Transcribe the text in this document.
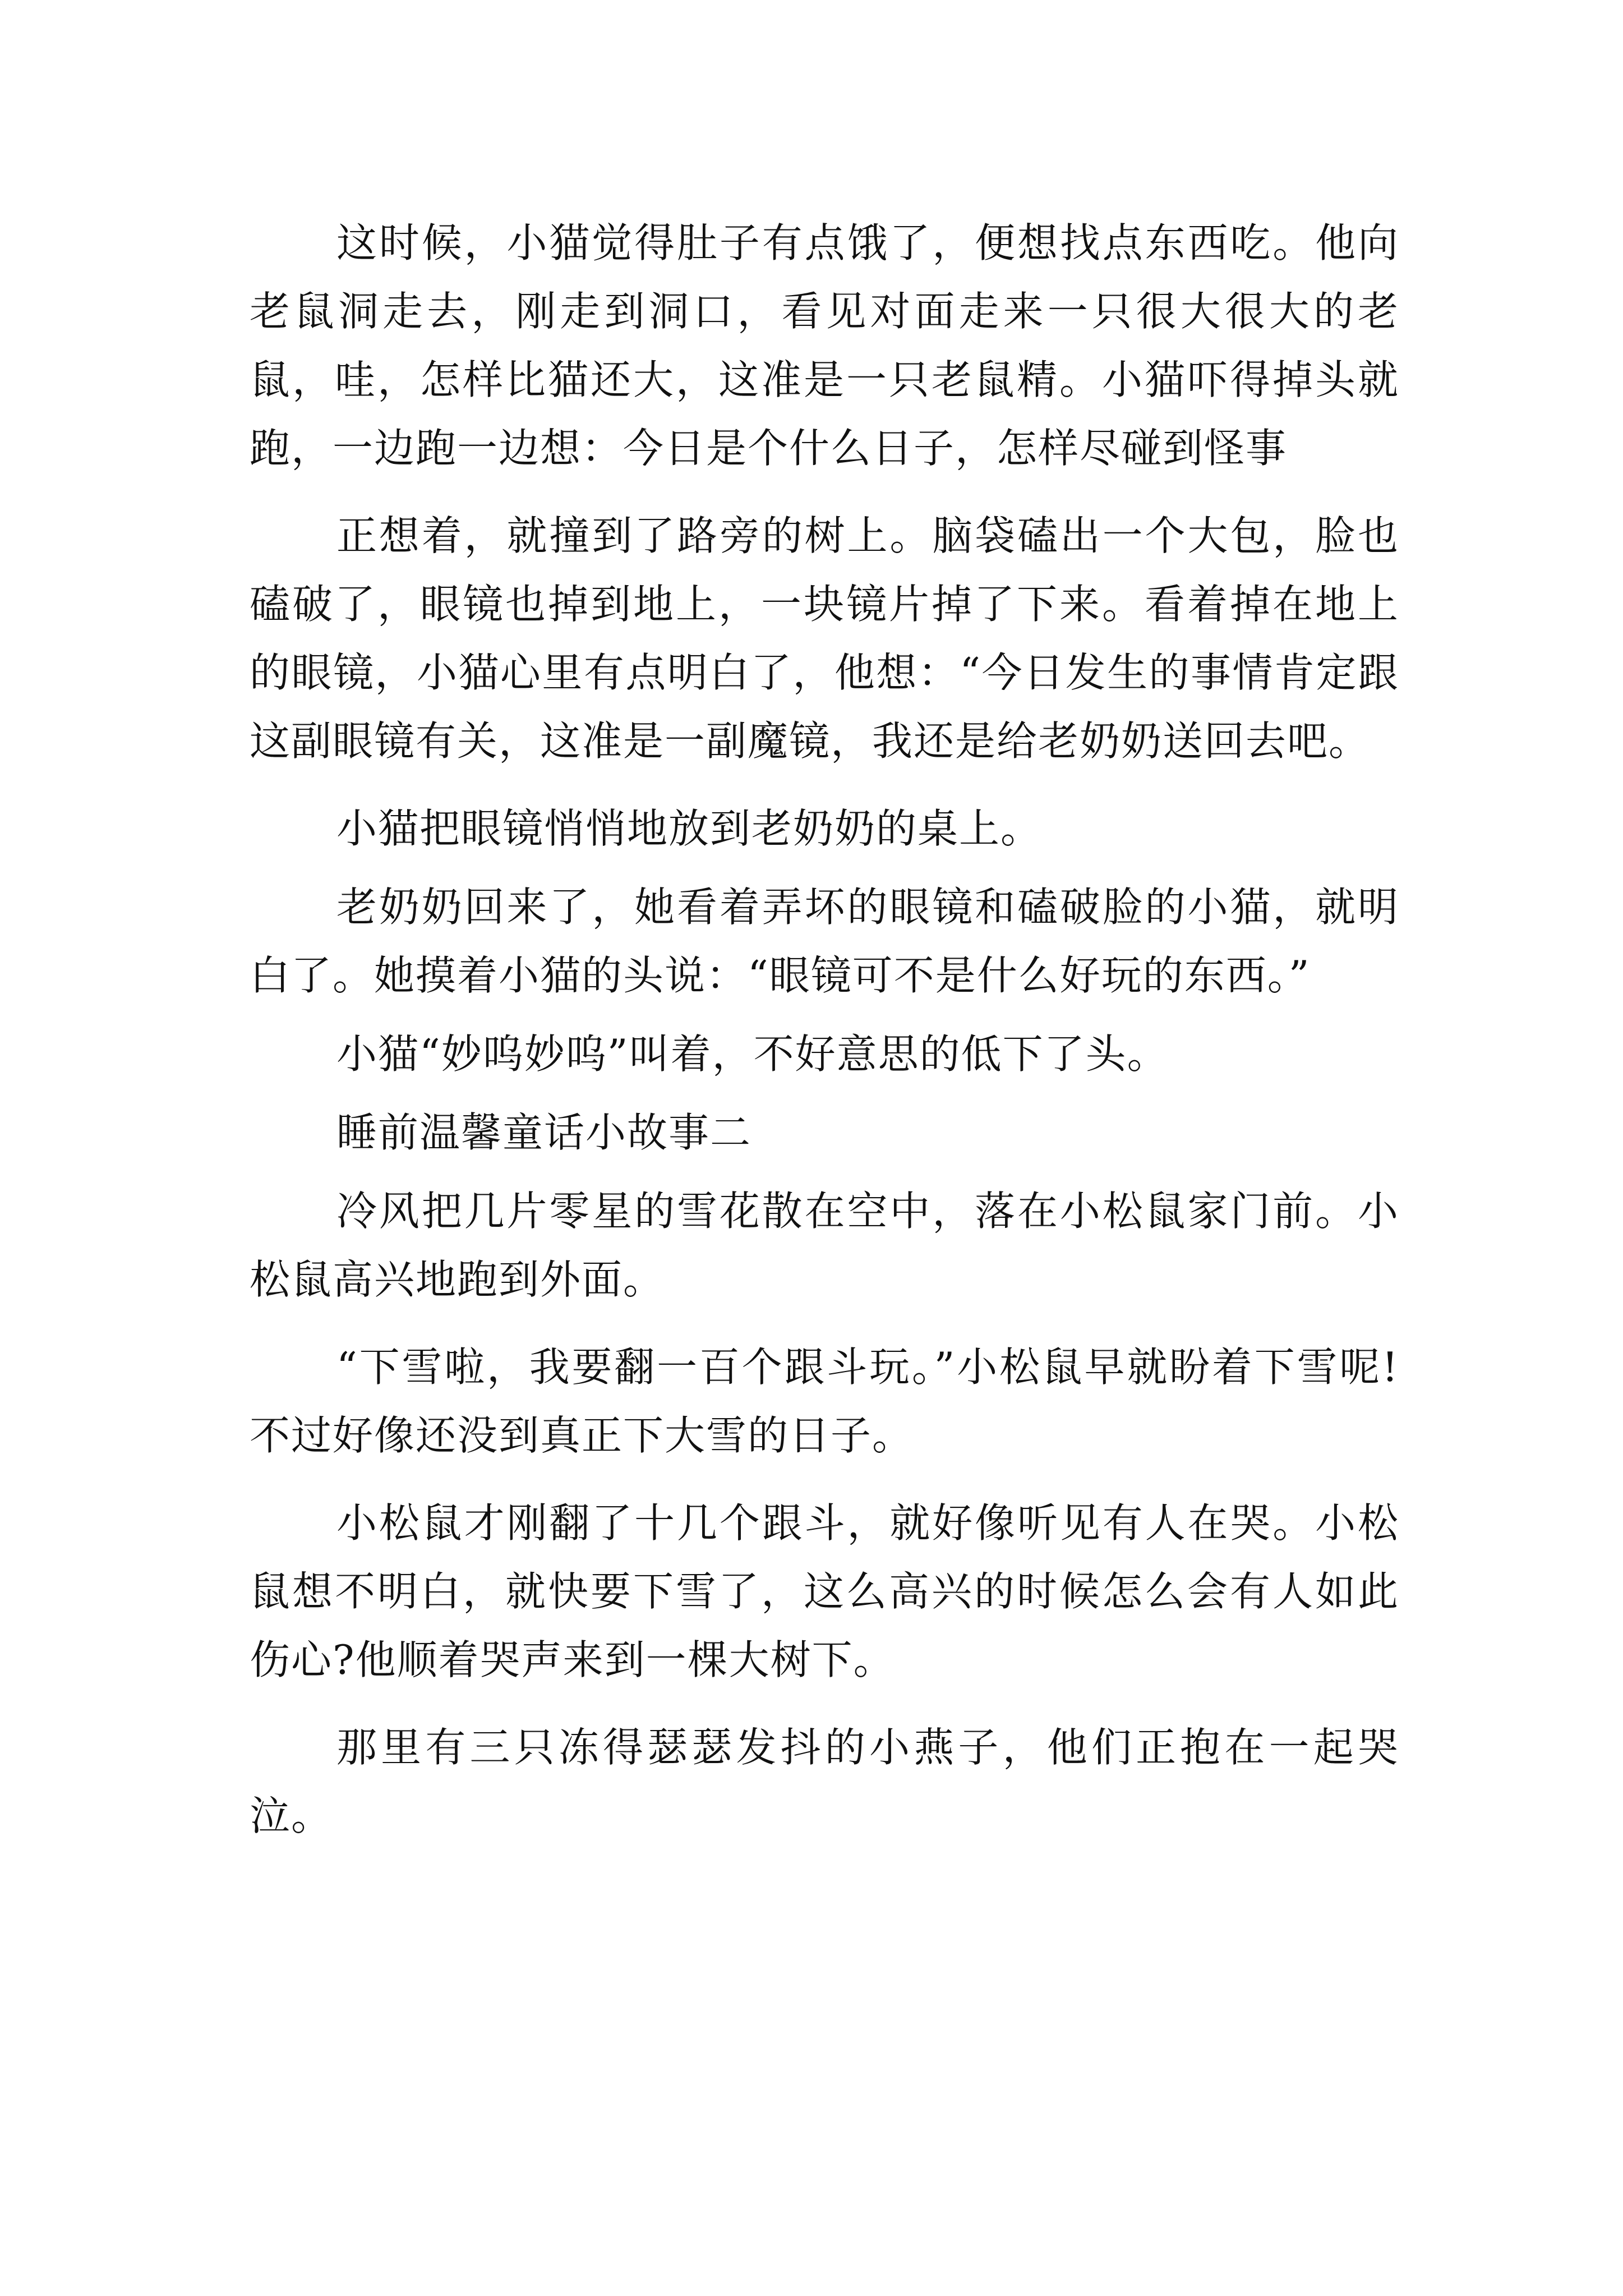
这时候，小猫觉得肚子有点饿了，便想找点东西吃。他向老鼠洞走去，刚走到洞口，看见对面走来一只很大很大的老鼠，哇，怎样比猫还大，这准是一只老鼠精。小猫吓得掉头就跑，一边跑一边想：今日是个什么日子，怎样尽碰到怪事

正想着，就撞到了路旁的树上。脑袋磕出一个大包，脸也磕破了，眼镜也掉到地上，一块镜片掉了下来。看着掉在地上的眼镜，小猫心里有点明白了，他想：“今日发生的事情肯定跟这副眼镜有关，这准是一副魔镜，我还是给老奶奶送回去吧。

小猫把眼镜悄悄地放到老奶奶的桌上。

老奶奶回来了，她看着弄坏的眼镜和磕破脸的小猫，就明白了。她摸着小猫的头说：“眼镜可不是什么好玩的东西。”

小猫“妙呜妙呜”叫着，不好意思的低下了头。

睡前温馨童话小故事二

冷风把几片零星的雪花散在空中，落在小松鼠家门前。小松鼠高兴地跑到外面。

“下雪啦，我要翻一百个跟斗玩。”小松鼠早就盼着下雪呢!不过好像还没到真正下大雪的日子。

小松鼠才刚翻了十几个跟斗，就好像听见有人在哭。小松鼠想不明白，就快要下雪了，这么高兴的时候怎么会有人如此伤心?他顺着哭声来到一棵大树下。

那里有三只冻得瑟瑟发抖的小燕子，他们正抱在一起哭泣。
